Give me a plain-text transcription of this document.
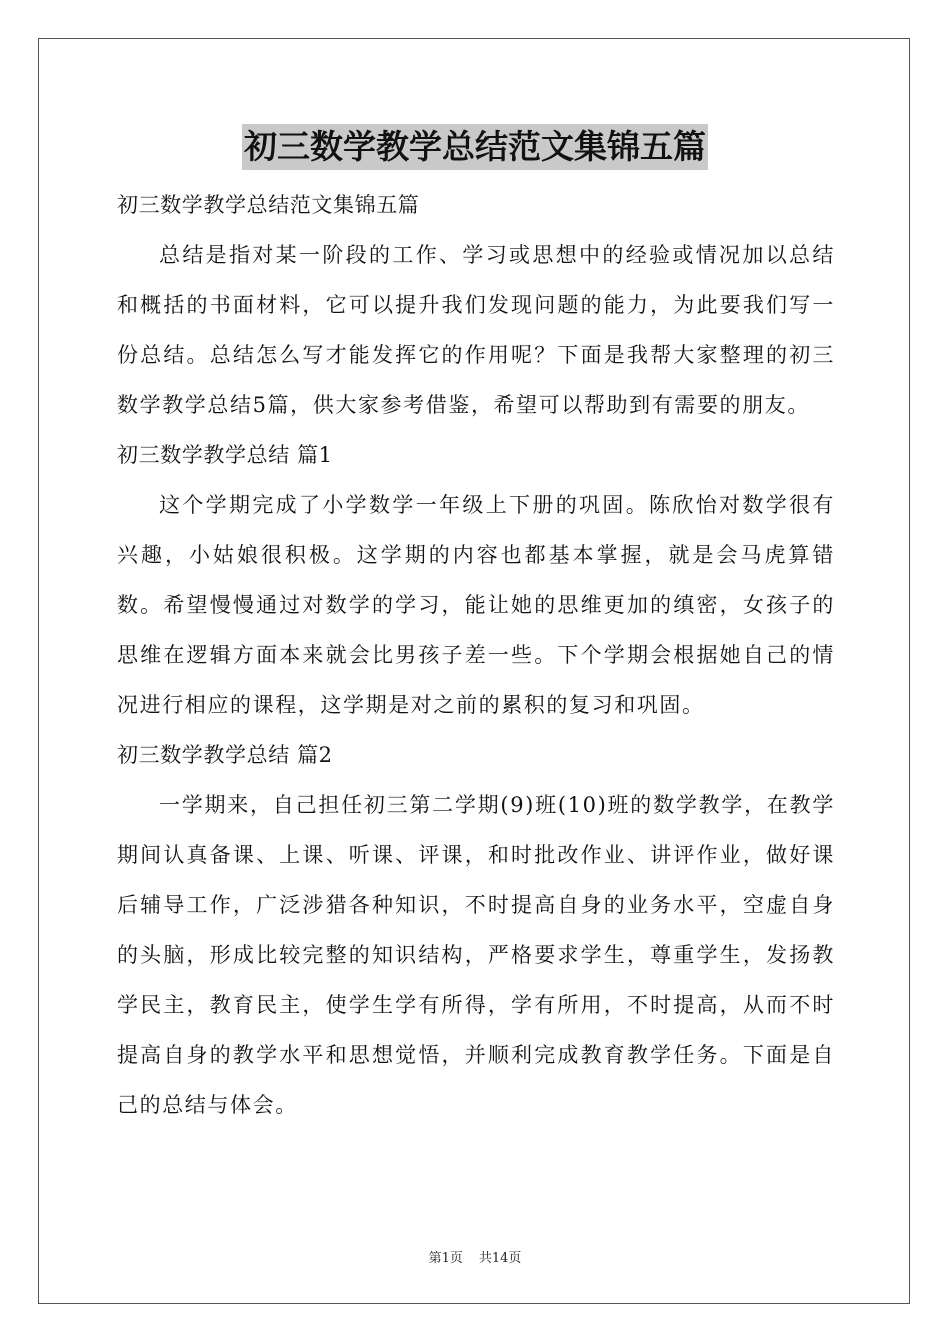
初三数学教学总结范文集锦五篇

初三数学教学总结范文集锦五篇

总结是指对某一阶段的工作、学习或思想中的经验或情况加以总结和概括的书面材料，它可以提升我们发现问题的能力，为此要我们写一份总结。总结怎么写才能发挥它的作用呢？下面是我帮大家整理的初三数学教学总结5篇，供大家参考借鉴，希望可以帮助到有需要的朋友。

初三数学教学总结 篇1

这个学期完成了小学数学一年级上下册的巩固。陈欣怡对数学很有兴趣，小姑娘很积极。这学期的内容也都基本掌握，就是会马虎算错数。希望慢慢通过对数学的学习，能让她的思维更加的缜密，女孩子的思维在逻辑方面本来就会比男孩子差一些。下个学期会根据她自己的情况进行相应的课程，这学期是对之前的累积的复习和巩固。

初三数学教学总结 篇2

一学期来，自己担任初三第二学期(9)班(10)班的数学教学，在教学期间认真备课、上课、听课、评课，和时批改作业、讲评作业，做好课后辅导工作，广泛涉猎各种知识，不时提高自身的业务水平，空虚自身的头脑，形成比较完整的知识结构，严格要求学生，尊重学生，发扬教学民主，教育民主，使学生学有所得，学有所用，不时提高，从而不时提高自身的教学水平和思想觉悟，并顺利完成教育教学任务。下面是自己的总结与体会。

第1页 共14页
